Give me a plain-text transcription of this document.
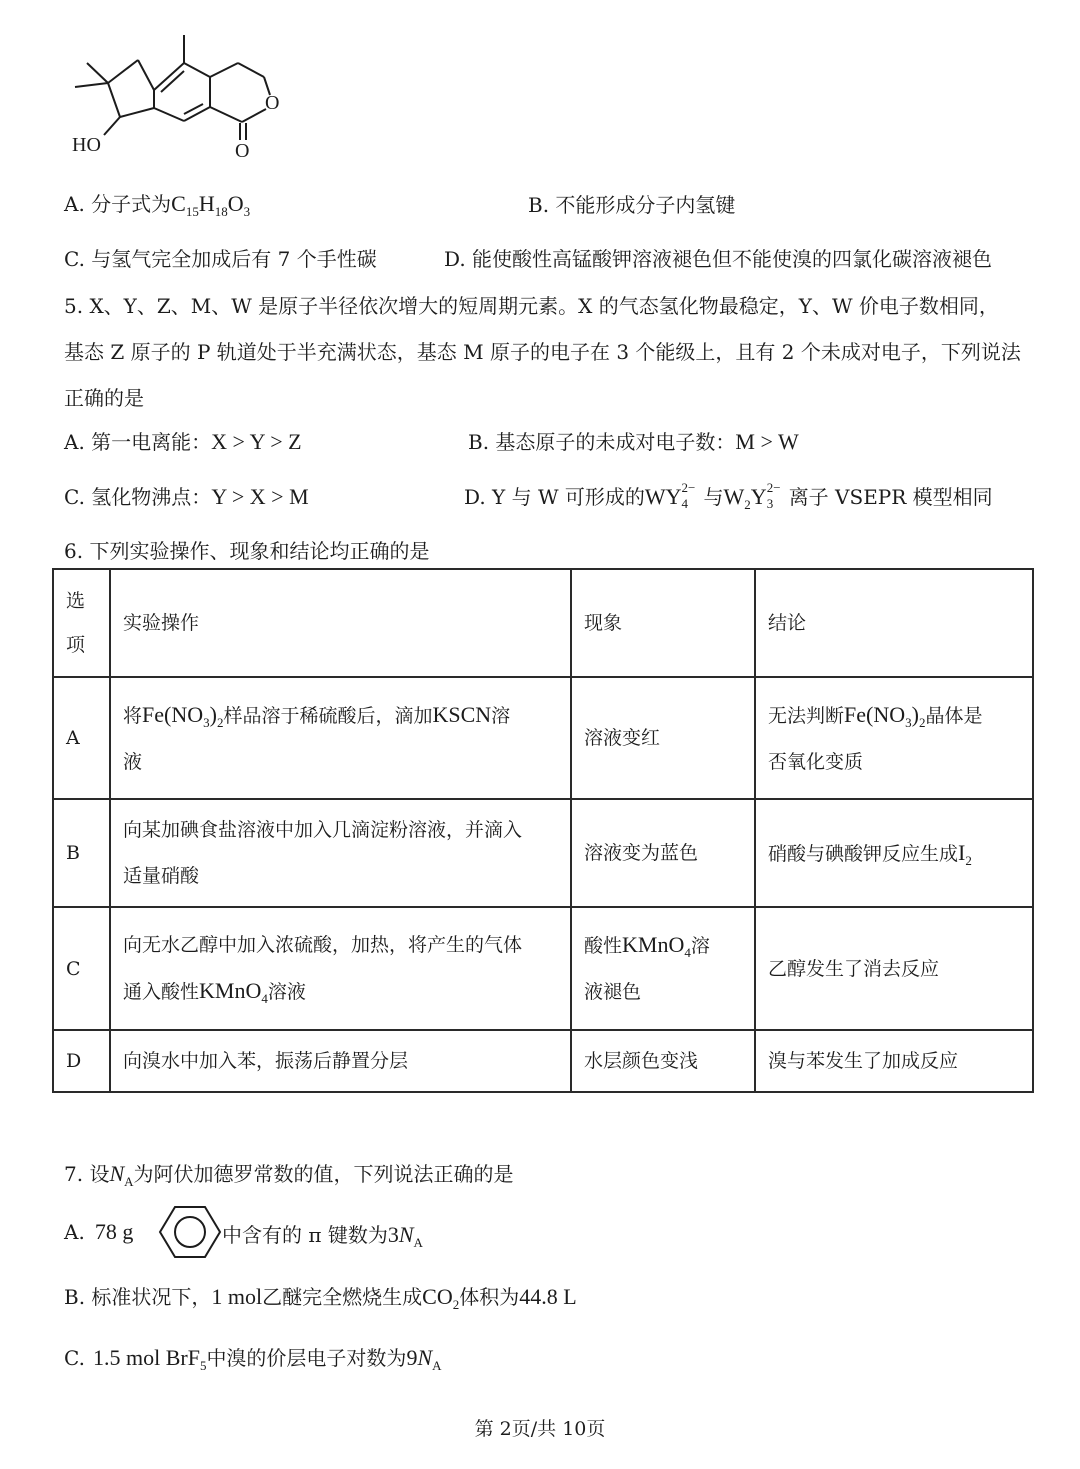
HO
O
O
A. 分子式为$C_{15}H_{18}O_3$	B. 不能形成分子内氢键
C. 与氢气完全加成后有 7 个手性碳	D. 能使酸性高锰酸钾溶液褪色但不能使溴的四氯化碳溶液褪色
5. X、Y、Z、M、W 是原子半径依次增大的短周期元素。X 的气态氢化物最稳定，Y、W 价电子数相同，
基态 Z 原子的 P 轨道处于半充满状态，基态 M 原子的电子在 3 个能级上，且有 2 个未成对电子，下列说法
正确的是
A. 第一电离能：X > Y > Z	B. 基态原子的未成对电子数：M > W
C. 氢化物沸点：Y > X > M	D. Y 与 W 可形成的WY 2−
4 与$W_2Y$ 2−
3 离子 VSEPR 模型相同
6. 下列实验操作、现象和结论均正确的是
选
项	实验操作	现象	结论
A	将$Fe(NO_3)_2$样品溶于稀硫酸后，滴加KSCN溶
液	溶液变红	无法判断$Fe(NO_3)_2$晶体是
否氧化变质
B	向某加碘食盐溶液中加入几滴淀粉溶液，并滴入
适量硝酸	溶液变为蓝色	硝酸与碘酸钾反应生成$I_2$
C	向无水乙醇中加入浓硫酸，加热，将产生的气体
通入酸性KMnO$_4$溶液	酸性KMnO$_4$溶
液褪色	乙醇发生了消去反应
D	向溴水中加入苯，振荡后静置分层	水层颜色变浅	溴与苯发生了加成反应
7. 设$N_A$为阿伏加德罗常数的值，下列说法正确的是
A. 78 g	中含有的 π 键数为$3N_A$
B. 标准状况下，1 mol乙醚完全燃烧生成$CO_2$体积为44.8 L
C. 1.5 mol BrF$_5$中溴的价层电子对数为$9N_A$
第 2页/共 10页
